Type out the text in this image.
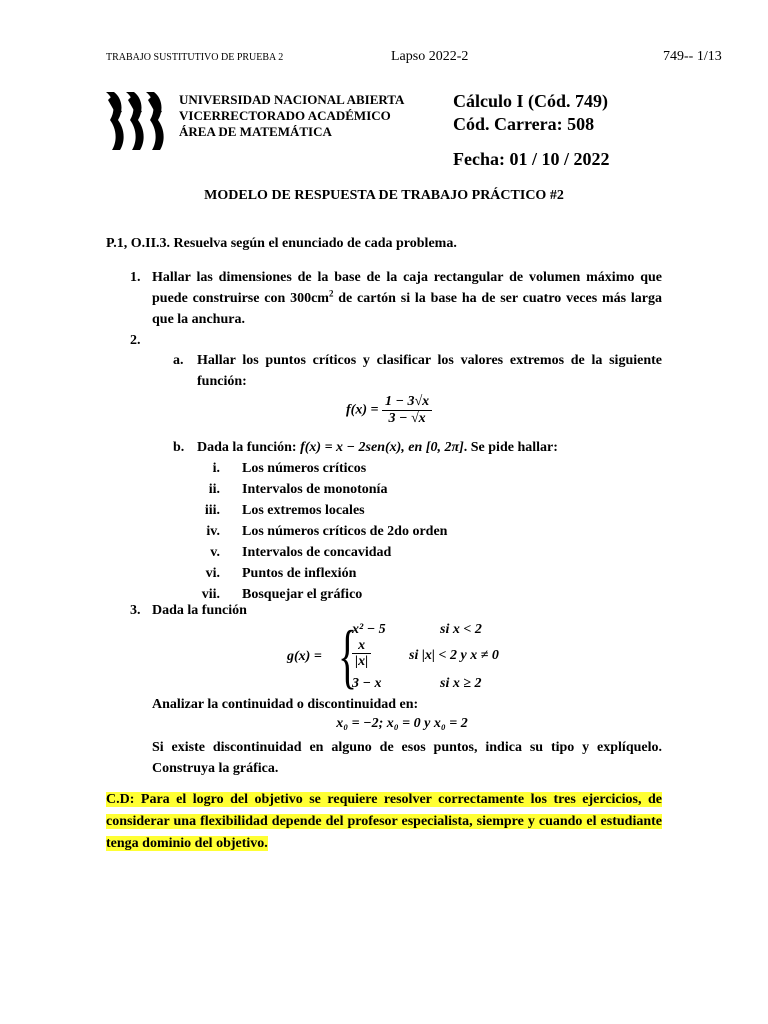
TRABAJO SUSTITUTIVO DE PRUEBA 2	Lapso 2022-2	749-- 1/13
UNIVERSIDAD NACIONAL ABIERTA
VICERRECTORADO ACADÉMICO
ÁREA DE MATEMÁTICA
Cálculo I (Cód. 749)
Cód. Carrera: 508
Fecha: 01 / 10 / 2022
MODELO DE RESPUESTA DE TRABAJO PRÁCTICO #2
P.1, O.II.3. Resuelva según el enunciado de cada problema.
1. Hallar las dimensiones de la base de la caja rectangular de volumen máximo que puede construirse con $300cm^2$ de cartón si la base ha de ser cuatro veces más larga que la anchura.
2.
a. Hallar los puntos críticos y clasificar los valores extremos de la siguiente función:
$f(x) = \frac{1 - 3√x}{3 - √x}$
b. Dada la función: f(x) = x − 2sen(x), en [0, 2π]. Se pide hallar:
i. Los números críticos
ii. Intervalos de monotonía
iii. Los extremos locales
iv. Los números críticos de 2do orden
v. Intervalos de concavidad
vi. Puntos de inflexión
vii. Bosquejar el gráfico
3. Dada la función
g(x) = {
x² − 5	si x < 2
$\frac{x}{|x|}$	si |x| < 2 y x ≠ 0
3 − x	si x ≥ 2
Analizar la continuidad o discontinuidad en:
x₀ = −2; x₀ = 0 y x₀ = 2
Si existe discontinuidad en alguno de esos puntos, indica su tipo y explíquelo. Construya la gráfica.
C.D: Para el logro del objetivo se requiere resolver correctamente los tres ejercicios, de considerar una flexibilidad depende del profesor especialista, siempre y cuando el estudiante tenga dominio del objetivo.
